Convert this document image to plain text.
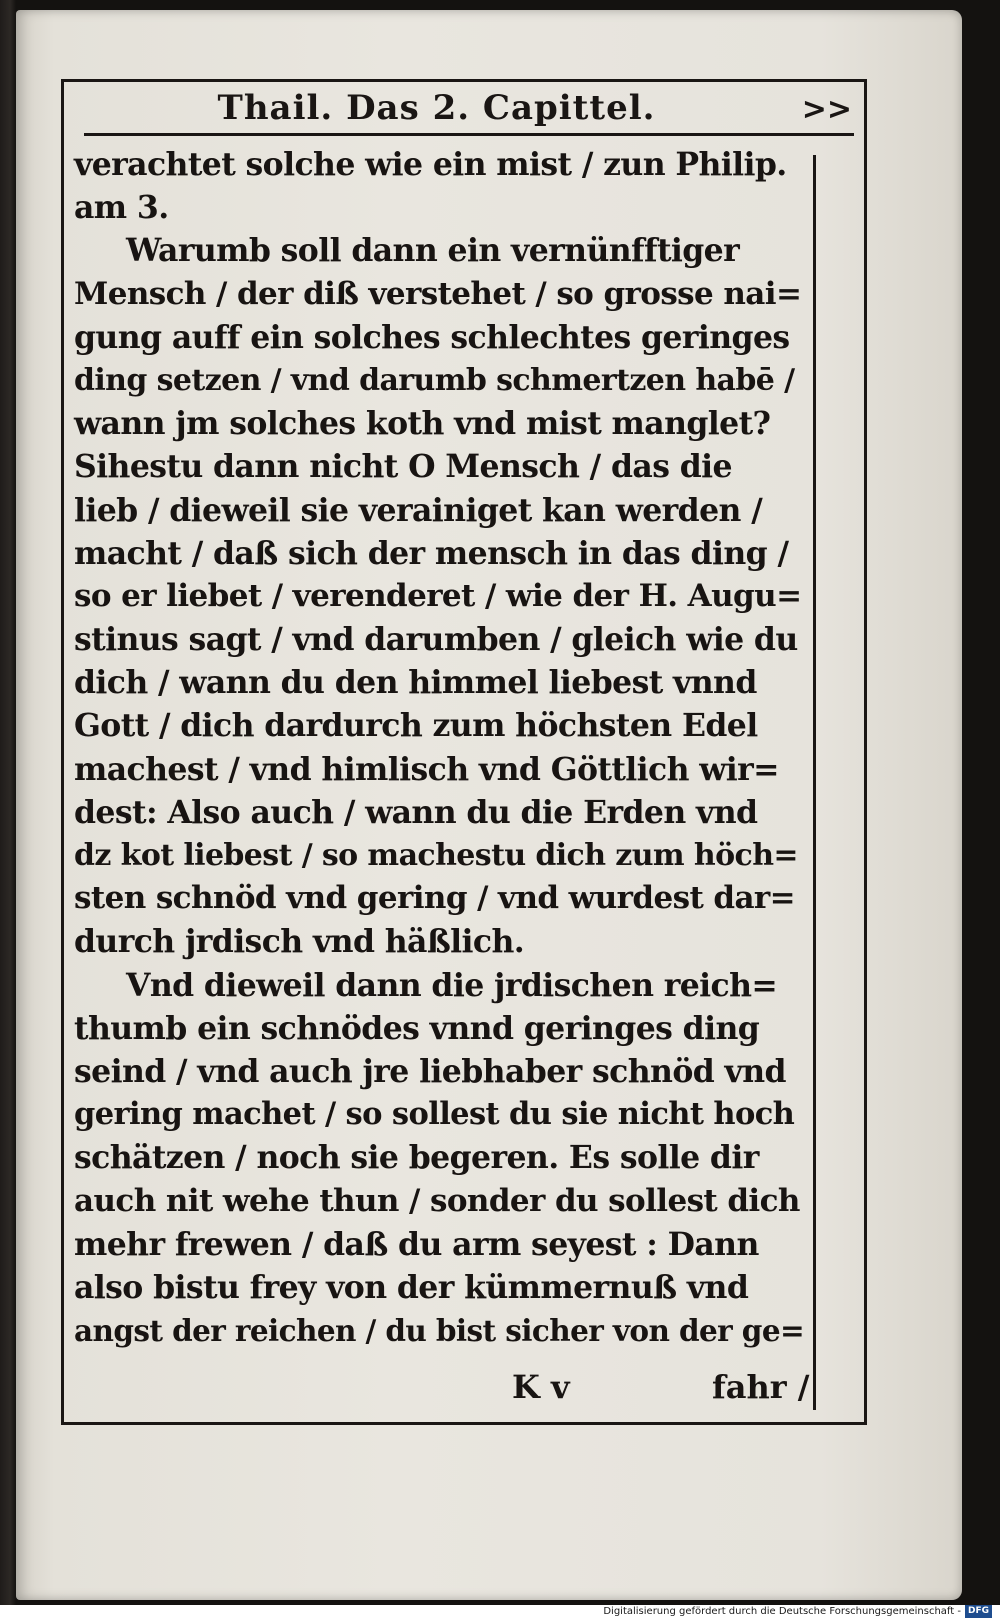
Thail. Das 2. Capittel.	>>
verachtet solche wie ein mist / zun Philip.
am 3.
Warumb soll dann ein vernünfftiger
Mensch / der diß verstehet / so grosse nai=
gung auff ein solches schlechtes geringes
ding setzen / vnd darumb schmertzen habē /
wann jm solches koth vnd mist manglet?
Sihestu dann nicht O Mensch / das die
lieb / dieweil sie verainiget kan werden /
macht / daß sich der mensch in das ding /
so er liebet / verenderet / wie der H. Augu=
stinus sagt / vnd darumben / gleich wie du
dich / wann du den himmel liebest vnnd
Gott / dich dardurch zum höchsten Edel
machest / vnd himlisch vnd Göttlich wir=
dest: Also auch / wann du die Erden vnd
dz kot liebest / so machestu dich zum höch=
sten schnöd vnd gering / vnd wurdest dar=
durch jrdisch vnd häßlich.
Vnd dieweil dann die jrdischen reich=
thumb ein schnödes vnnd geringes ding
seind / vnd auch jre liebhaber schnöd vnd
gering machet / so sollest du sie nicht hoch
schätzen / noch sie begeren. Es solle dir
auch nit wehe thun / sonder du sollest dich
mehr frewen / daß du arm seyest : Dann
also bistu frey von der kümmernuß vnd
angst der reichen / du bist sicher von der ge=
K v	fahr /
Digitalisierung gefördert durch die Deutsche Forschungsgemeinschaft - DFG
